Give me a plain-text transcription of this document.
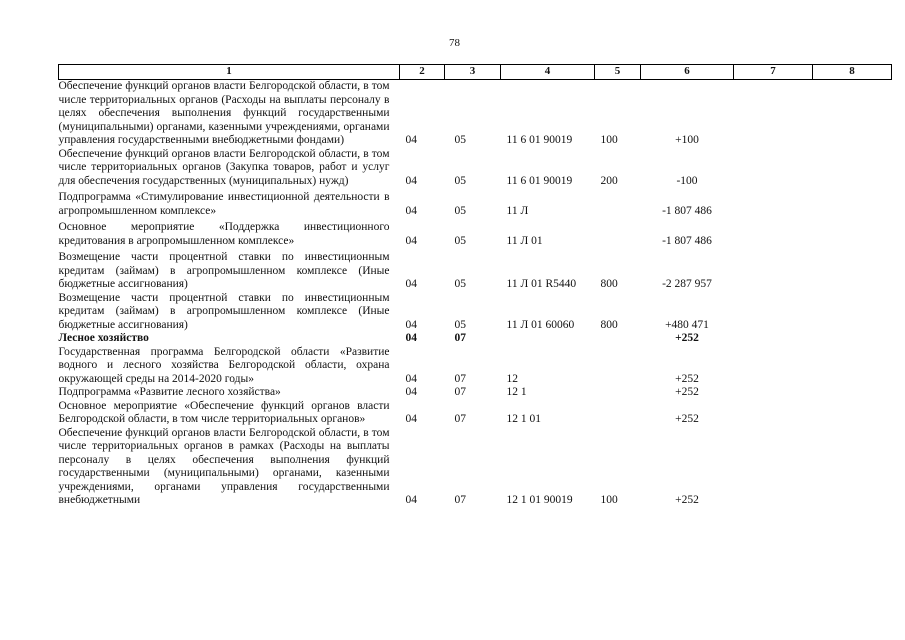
78
1	2	3	4	5	6	7	8
Обеспечение функций органов власти Белгородской области, в том числе территориальных органов (Расходы на выплаты персоналу в целях обеспечения выполнения функций государственными (муниципальными) органами, казенными учреждениями, органами управления государственными внебюджетными фондами)	04	05	11 6 01 90019	100	+100		
Обеспечение функций органов власти Белгородской области, в том числе территориальных органов (Закупка товаров, работ и услуг для обеспечения государственных (муниципальных) нужд)	04	05	11 6 01 90019	200	-100		
Подпрограмма «Стимулирование инвестиционной деятельности в агропромышленном комплексе»	04	05	11 Л		-1 807 486		
Основное мероприятие «Поддержка инвестиционного кредитования в агропромышленном комплексе»	04	05	11 Л 01		-1 807 486		
Возмещение части процентной ставки по инвестиционным кредитам (займам) в агропромышленном комплексе (Иные бюджетные ассигнования)	04	05	11 Л 01 R5440	800	-2 287 957		
Возмещение части процентной ставки по инвестиционным кредитам (займам) в агропромышленном комплексе (Иные бюджетные ассигнования)	04	05	11 Л 01 60060	800	+480 471		
Лесное хозяйство	04	07			+252		
Государственная программа Белгородской области «Развитие водного и лесного хозяйства Белгородской области, охрана окружающей среды на 2014-2020 годы»	04	07	12		+252		
Подпрограмма «Развитие лесного хозяйства»	04	07	12 1		+252		
Основное мероприятие «Обеспечение функций органов власти Белгородской области, в том числе территориальных органов»	04	07	12 1 01		+252		
Обеспечение функций органов власти Белгородской области, в том числе территориальных органов в рамках (Расходы на выплаты персоналу в целях обеспечения выполнения функций государственными (муниципальными) органами, казенными учреждениями, органами управления государственными внебюджетными	04	07	12 1 01 90019	100	+252		
